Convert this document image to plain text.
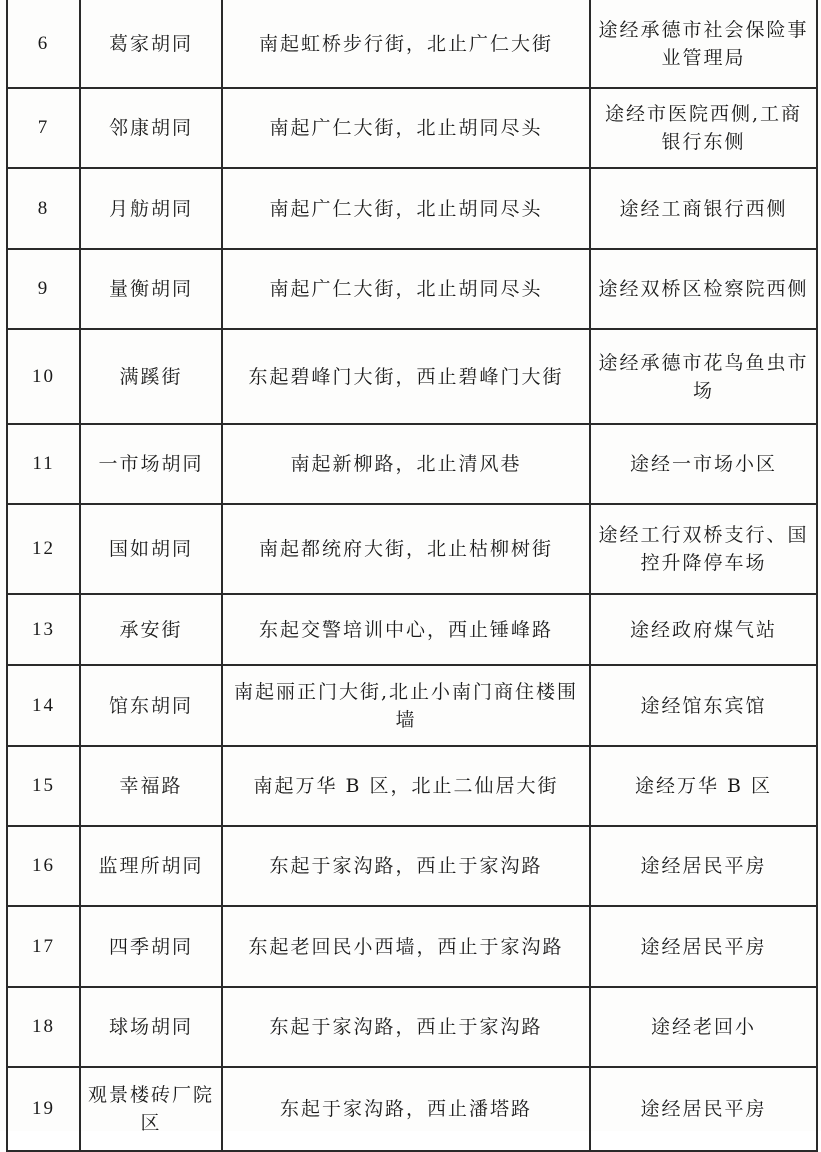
6	葛家胡同	南起虹桥步行街，北止广仁大街	途经承德市社会保险事业管理局
7	邻康胡同	南起广仁大街，北止胡同尽头	途经市医院西侧,工商银行东侧
8	月舫胡同	南起广仁大街，北止胡同尽头	途经工商银行西侧
9	量衡胡同	南起广仁大街，北止胡同尽头	途经双桥区检察院西侧
10	满蹊街	东起碧峰门大街，西止碧峰门大街	途经承德市花鸟鱼虫市场
11	一市场胡同	南起新柳路，北止清风巷	途经一市场小区
12	国如胡同	南起都统府大街，北止枯柳树街	途经工行双桥支行、国控升降停车场
13	承安街	东起交警培训中心，西止锤峰路	途经政府煤气站
14	馆东胡同	南起丽正门大街,北止小南门商住楼围墙	途经馆东宾馆
15	幸福路	南起万华 B 区，北止二仙居大街	途经万华 B 区
16	监理所胡同	东起于家沟路，西止于家沟路	途经居民平房
17	四季胡同	东起老回民小西墙，西止于家沟路	途经居民平房
18	球场胡同	东起于家沟路，西止于家沟路	途经老回小
19	观景楼砖厂院区	东起于家沟路，西止潘塔路	途经居民平房
